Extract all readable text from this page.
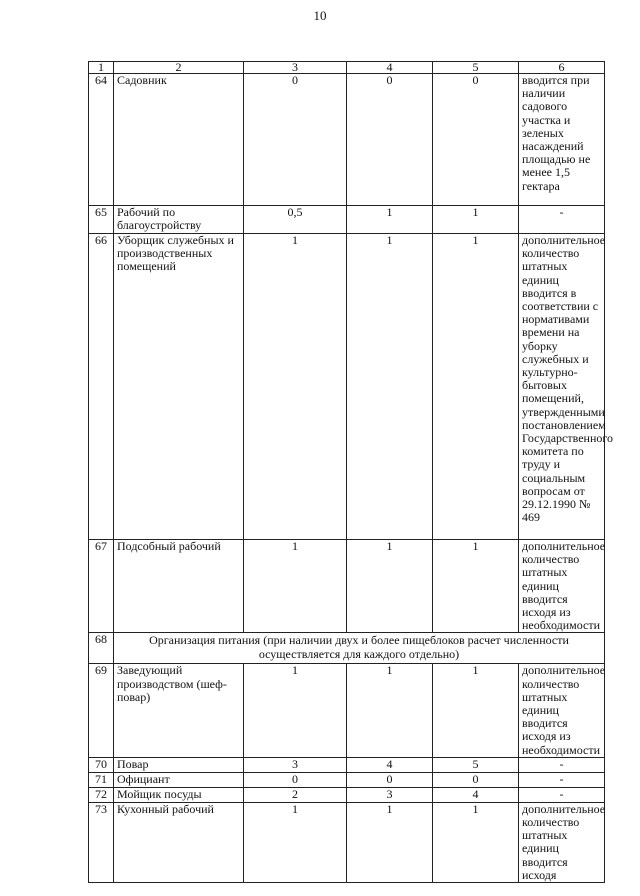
10
1	2	3	4	5	6
64	Садовник	0	0	0	вводится при наличии садового участка и зеленых насаждений площадью не менее 1,5 гектара
65	Рабочий по благоустройству	0,5	1	1	-
66	Уборщик служебных и производственных помещений	1	1	1	дополнительное количество штатных единиц вводится в соответствии с нормативами времени на уборку служебных и культурно-бытовых помещений, утвержденными постановлением Государственного комитета по труду и социальным вопросам от 29.12.1990 № 469
67	Подсобный рабочий	1	1	1	дополнительное количество штатных единиц вводится исходя из необходимости
68	Организация питания (при наличии двух и более пищеблоков расчет численности осуществляется для каждого отдельно)				
69	Заведующий производством (шеф-повар)	1	1	1	дополнительное количество штатных единиц вводится исходя из необходимости
70	Повар	3	4	5	-
71	Официант	0	0	0	-
72	Мойщик посуды	2	3	4	-
73	Кухонный рабочий	1	1	1	дополнительное количество штатных единиц вводится исходя
